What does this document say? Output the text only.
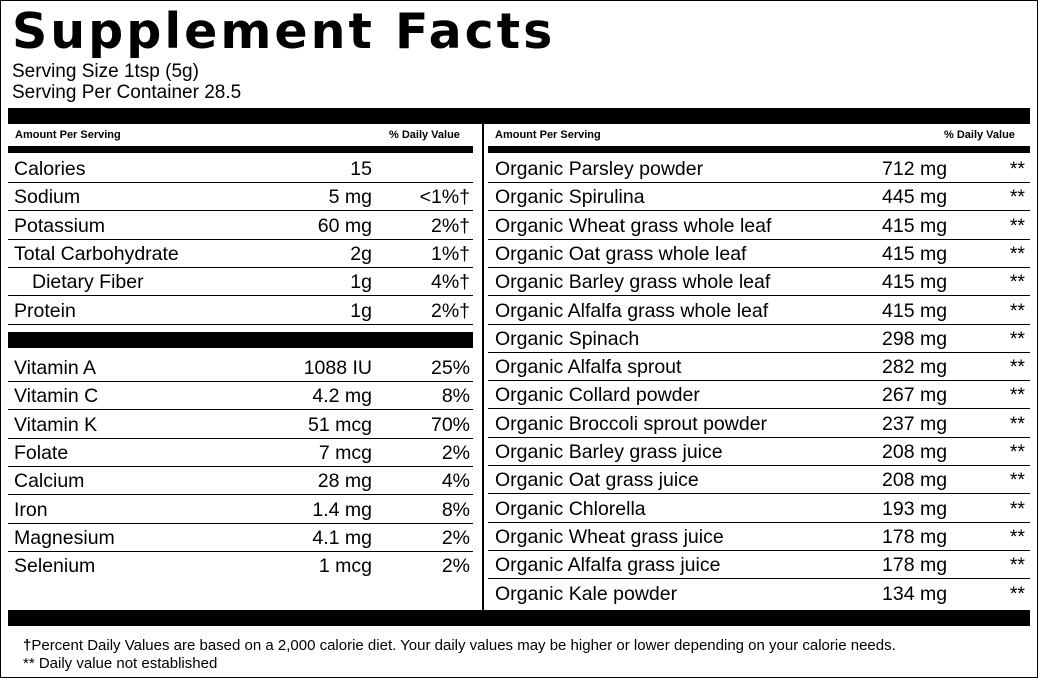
Supplement Facts
Serving Size 1tsp (5g)
Serving Per Container 28.5
Amount Per Serving	% Daily Value	Amount Per Serving	% Daily Value
Calories	15
Sodium	5 mg <1%†
Potassium	60 mg	2%†
Total Carbohydrate	2g	1%†
Dietary Fiber	1g	4%†
Protein	1g	2%†
Vitamin A	1088 IU	25%
Vitamin C	4.2 mg	8%
Vitamin K	51 mcg	70%
Folate	7 mcg	2%
Calcium	28 mg	4%
Iron	1.4 mg	8%
Magnesium	4.1 mg	2%
Selenium	1 mcg	2%
Organic Parsley powder	712 mg	**
Organic Spirulina	445 mg	**
Organic Wheat grass whole leaf	415 mg	**
Organic Oat grass whole leaf	415 mg	**
Organic Barley grass whole leaf	415 mg	**
Organic Alfalfa grass whole leaf	415 mg	**
Organic Spinach	298 mg	**
Organic Alfalfa sprout	282 mg	**
Organic Collard powder	267 mg	**
Organic Broccoli sprout powder	237 mg	**
Organic Barley grass juice	208 mg	**
Organic Oat grass juice	208 mg	**
Organic Chlorella	193 mg	**
Organic Wheat grass juice	178 mg	**
Organic Alfalfa grass juice	178 mg	**
Organic Kale powder	134 mg	**
†Percent Daily Values are based on a 2,000 calorie diet. Your daily values may be higher or lower depending on your calorie needs.
** Daily value not established
